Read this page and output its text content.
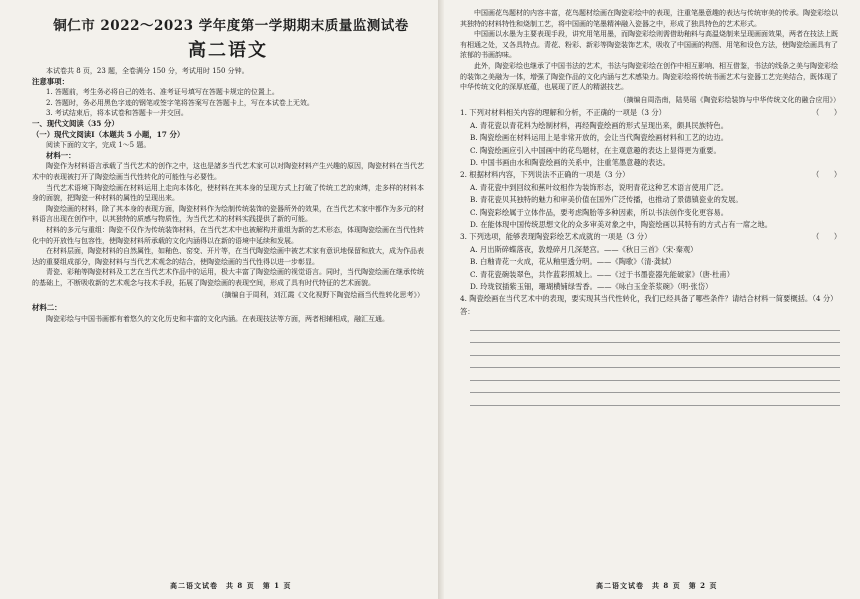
铜仁市 2022～2023 学年度第一学期期末质量监测试卷
高二语文

本试卷共 8 页，23 题，全卷满分 150 分，考试用时 150 分钟。

注意事项：

1. 答题前，考生务必将自己的姓名、准考证号填写在答题卡规定的位置上。
2. 答题时，务必用黑色字迹的钢笔或签字笔将答案写在答题卡上，写在本试卷上无效。
3. 考试结束后，将本试卷和答题卡一并交回。

一、现代文阅读（35 分）

（一）现代文阅读Ⅰ（本题共 5 小题，17 分）

阅读下面的文字，完成 1～5 题。

材料一：

陶瓷作为材料语言承载了当代艺术的创作之中，这也是諸多当代艺术家可以对陶瓷材料产生兴趣的原因，陶瓷材料在当代艺术中的表现被打开了陶瓷绘画当代性转化的可能性与必要性。

当代艺术语境下陶瓷绘画在材料运用上走向本体化，使材料在其本身的呈现方式上打破了传统工艺的束缚，走多样的材料本身的面貌，把陶瓷一种材料的属性的呈现出来。

陶瓷绘画的材料，除了其本身的表现方面，陶瓷材料作为绘制传统装饰的瓷器所外的效果，在当代艺术家中都作为多元的材料语言出现在创作中，以其独特的质感与物质性，为当代艺术的材料实践提供了新的可能。

材料的多元与重组：陶瓷不仅作为传统装饰材料，在当代艺术中也被解构并重组为新的艺术形态，体现陶瓷绘画在当代性转化中的开放性与包容性，使陶瓷材料所承载的文化内涵得以在新的语境中延续和发展。

在材料层面，陶瓷材料的自然属性，如釉色、窑变、开片等，在当代陶瓷绘画中被艺术家有意识地保留和放大，成为作品表达的重要组成部分，陶瓷材料与当代艺术观念的结合，使陶瓷绘画的当代性得以进一步彰显。

青瓷、彩釉等陶瓷材料及工艺在当代艺术作品中的运用，极大丰富了陶瓷绘画的视觉语言。同时，当代陶瓷绘画在继承传统的基础上，不断吸收新的艺术观念与技术手段，拓展了陶瓷绘画的表现空间，形成了具有时代特征的艺术面貌。

（摘编自于周利，刘江霞《文化视野下陶瓷绘画当代性转化思考》）

材料二：

陶瓷彩绘与中国书画都有着悠久的文化历史和丰富的文化内涵。在表现技法等方面，两者相辅相成，融汇互通。

高二语文试卷　共 8 页　第 1 页

中国画花鸟题材的内容丰富，花鸟题材绘画在陶瓷彩绘中的表现，注重笔墨意趣的表达与传统审美的传承。陶瓷彩绘以其独特的材料特性和烧制工艺，将中国画的笔墨精神融入瓷器之中，形成了独具特色的艺术形式。

中国画以水墨为主要表现手段，讲究用笔用墨，而陶瓷彩绘则需借助釉料与高温烧制来呈现画面效果，两者在技法上既有相通之处，又各具特点。青花、粉彩、新彩等陶瓷装饰艺术，吸收了中国画的构图、用笔和设色方法，使陶瓷绘画具有了浓郁的书画韵味。

此外，陶瓷彩绘也继承了中国书法的艺术，书法与陶瓷彩绘在创作中相互影响、相互借鉴，书法的线条之美与陶瓷彩绘的装饰之美融为一体，增强了陶瓷作品的文化内涵与艺术感染力。陶瓷彩绘将传统书画艺术与瓷器工艺完美结合，既体现了中华传统文化的深厚底蕴，也展现了匠人的精湛技艺。

（摘编自周浩南，陆昊瑶《陶瓷彩绘装饰与中华传统文化的融合应用》）

1. 下列对材料相关内容的理解和分析，不正确的一项是（3 分）	（　　）

A. 青花瓷以青花料为绘制材料，再经陶瓷绘画的形式呈现出来，颇具民族特色。

B. 陶瓷绘画在材料运用上是非常开放的，会让当代陶瓷绘画材料和工艺的边边。

C. 陶瓷绘画应引入中国画中的花鸟题材，在主观意趣的表达上显得更为重要。

D. 中国书画由水和陶瓷绘画的关系中，注重笔墨意趣的表达。

2. 根据材料内容，下列说法不正确的一项是（3 分）	（　　）

A. 青花瓷中到回纹和蕉叶纹相作为装饰形态，说明青花这种艺术语言使用广泛。

B. 青花瓷贝其独特的魅力和审美价值在国外广泛传播，也推动了景德镇瓷业的发展。

C. 陶瓷彩绘属于立体作品，要考虑陶胎等多种因素，所以书法创作变化更容易。

D. 在能体现中国传统思想文化的众多审美对象之中，陶瓷绘画以其特有的方式占有一席之地。

3. 下列选项，能够表现陶瓷彩绘艺术成就的一项是（3 分）	（　　）

A. 月出斯碎蝶落夜，敦煌碎月几深楚宫。——《秋日三首》（宋·秦观）

B. 白釉青花一火成，花从釉里透分明。——《陶歌》（清·龚轼）

C. 青花瓷碗装翠色，共作蓝彩照城上。——《过于书墨瓷器先能破家》（唐·杜甫）

D. 玲珑钗插紫玉钿，珊瑚横铺绿雪香。——《咏白玉金茶浆碗》（明·张岱）

4. 陶瓷绘画在当代艺术中的表现，要实现其当代性转化，我们已经具备了哪些条件？请结合材料一简要概括。（4 分）

答：

高二语文试卷　共 8 页　第 2 页
